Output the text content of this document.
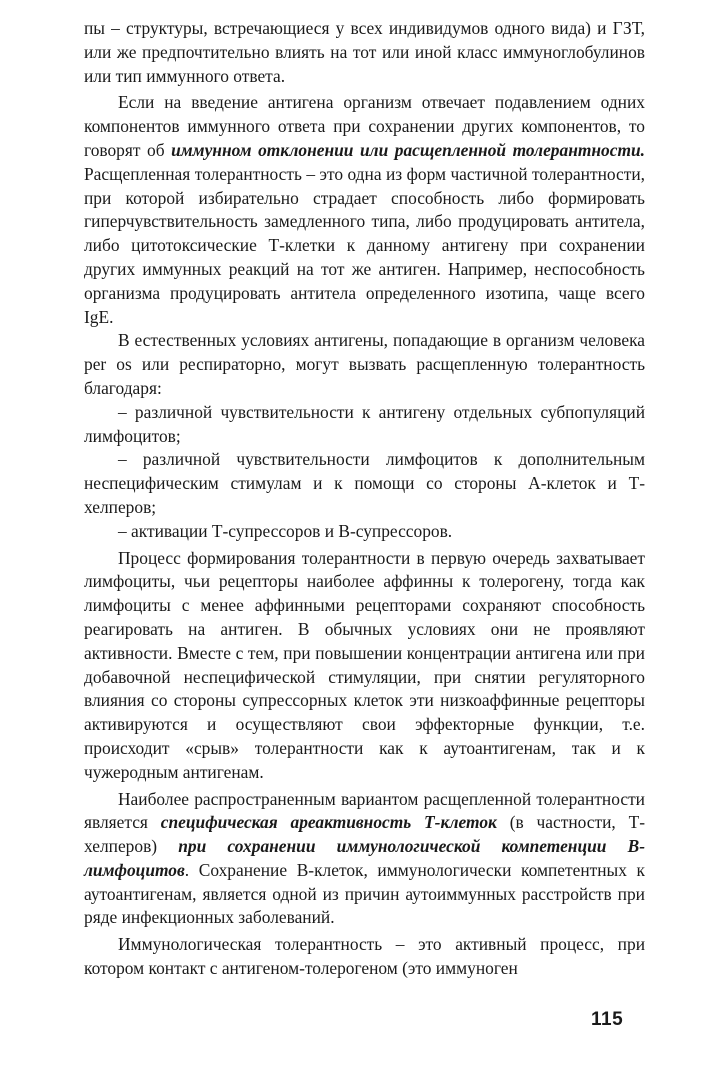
пы – структуры, встречающиеся у всех индивидумов одного вида) и ГЗТ, или же предпочтительно влиять на тот или иной класс иммуноглобулинов или тип иммунного ответа.

Если на введение антигена организм отвечает подавлением одних компонентов иммунного ответа при сохранении других компонентов, то говорят об иммунном отклонении или расщепленной толерантности. Расщепленная толерантность – это одна из форм частичной толерантности, при которой избирательно страдает способность либо формировать гиперчувствительность замедленного типа, либо продуцировать антитела, либо цитотоксические Т-клетки к данному антигену при сохранении других иммунных реакций на тот же антиген. Например, неспособность организма продуцировать антитела определенного изотипа, чаще всего IgE.

В естественных условиях антигены, попадающие в организм человека per os или респираторно, могут вызвать расщепленную толерантность благодаря:

– различной чувствительности к антигену отдельных субпопуляций лимфоцитов;

– различной чувствительности лимфоцитов к дополнительным неспецифическим стимулам и к помощи со стороны А-клеток и Т-хелперов;

– активации Т-супрессоров и В-супрессоров.

Процесс формирования толерантности в первую очередь захватывает лимфоциты, чьи рецепторы наиболее аффинны к толерогену, тогда как лимфоциты с менее аффинными рецепторами сохраняют способность реагировать на антиген. В обычных условиях они не проявляют активности. Вместе с тем, при повышении концентрации антигена или при добавочной неспецифической стимуляции, при снятии регуляторного влияния со стороны супрессорных клеток эти низкоаффинные рецепторы активируются и осуществляют свои эффекторные функции, т.е. происходит «срыв» толерантности как к аутоантигенам, так и к чужеродным антигенам.

Наиболее распространенным вариантом расщепленной толерантности является специфическая ареактивность Т-клеток (в частности, Т-хелперов) при сохранении иммунологической компетенции В-лимфоцитов. Сохранение В-клеток, иммунологически компетентных к аутоантигенам, является одной из причин аутоиммунных расстройств при ряде инфекционных заболеваний.

Иммунологическая толерантность – это активный процесс, при котором контакт с антигеном-толерогеном (это иммуноген

115
